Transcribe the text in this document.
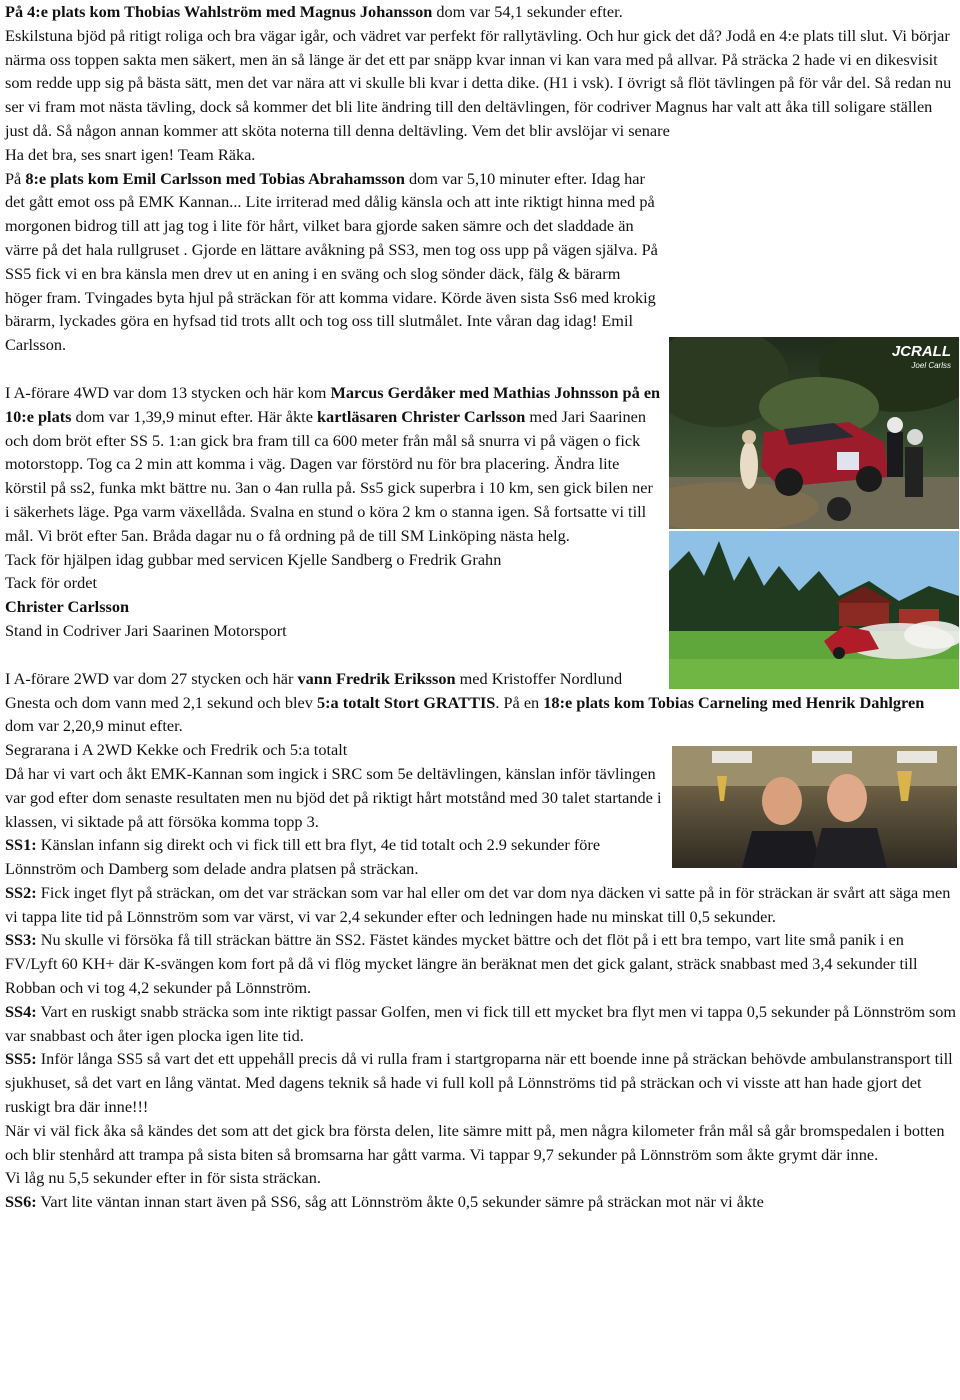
På 4:e plats kom Thobias Wahlström med Magnus Johansson dom var 54,1 sekunder efter.

Eskilstuna bjöd på ritigt roliga och bra vägar igår, och vädret var perfekt för rallytävling. Och hur gick det då? Jodå en 4:e plats till slut. Vi börjar närma oss toppen sakta men säkert, men än så länge är det ett par snäpp kvar innan vi kan vara med på allvar. På sträcka 2 hade vi en dikesvisit som redde upp sig på bästa sätt, men det var nära att vi skulle bli kvar i detta dike. (H1 i vsk). I övrigt så flöt tävlingen på för vår del. Så redan nu ser vi fram mot nästa tävling, dock så kommer det bli lite ändring till den deltävlingen, för codriver Magnus har valt att åka till soligare ställen just då. Så någon annan kommer att sköta noterna till denna deltävling. Vem det blir avslöjar vi senare

Ha det bra, ses snart igen! Team Räka.

JCRALL
Joel Carlss

På 8:e plats kom Emil Carlsson med Tobias Abrahamsson dom var 5,10 minuter efter. Idag har det gått emot oss på EMK Kannan... Lite irriterad med dålig känsla och att inte riktigt hinna med på morgonen bidrog till att jag tog i lite för hårt, vilket bara gjorde saken sämre och det sladdade än värre på det hala rullgruset . Gjorde en lättare avåkning på SS3, men tog oss upp på vägen själva. På SS5 fick vi en bra känsla men drev ut en aning i en sväng och slog sönder däck, fälg & bärarm höger fram. Tvingades byta hjul på sträckan för att komma vidare. Körde även sista Ss6 med krokig bärarm, lyckades göra en hyfsad tid trots allt och tog oss till slutmålet. Inte våran dag idag! Emil Carlsson.

I A-förare 4WD var dom 13 stycken och här kom Marcus Gerdåker med Mathias Johnsson på en 10:e plats dom var 1,39,9 minut efter. Här åkte kartläsaren Christer Carlsson med Jari Saarinen och dom bröt efter SS 5. 1:an gick bra fram till ca 600 meter från mål så snurra vi på vägen o fick motorstopp. Tog ca 2 min att komma i väg. Dagen var förstörd nu för bra placering. Ändra lite körstil på ss2, funka mkt bättre nu. 3an o 4an rulla på. Ss5 gick superbra i 10 km, sen gick bilen ner i säkerhets läge. Pga varm växellåda. Svalna en stund o köra 2 km o stanna igen. Så fortsatte vi till mål. Vi bröt efter 5an. Bråda dagar nu o få ordning på de till SM Linköping nästa helg.

Tack för hjälpen idag gubbar med servicen Kjelle Sandberg o Fredrik Grahn

Tack för ordet

Christer Carlsson

Stand in Codriver Jari Saarinen Motorsport

I A-förare 2WD var dom 27 stycken och här vann Fredrik Eriksson med Kristoffer Nordlund Gnesta och dom vann med 2,1 sekund och blev 5:a totalt Stort GRATTIS. På en 18:e plats kom Tobias Carneling med Henrik Dahlgren dom var 2,20,9 minut efter.

Segrarana i A 2WD Kekke och Fredrik och 5:a totalt

Då har vi vart och åkt EMK-Kannan som ingick i SRC som 5e deltävlingen, känslan inför tävlingen var god efter dom senaste resultaten men nu bjöd det på riktigt hårt motstånd med 30 talet startande i klassen, vi siktade på att försöka komma topp 3.

SS1: Känslan infann sig direkt och vi fick till ett bra flyt, 4e tid totalt och 2.9 sekunder före Lönnström och Damberg som delade andra platsen på sträckan.

SS2: Fick inget flyt på sträckan, om det var sträckan som var hal eller om det var dom nya däcken vi satte på in för sträckan är svårt att säga men vi tappa lite tid på Lönnström som var värst, vi var 2,4 sekunder efter och ledningen hade nu minskat till 0,5 sekunder.

SS3: Nu skulle vi försöka få till sträckan bättre än SS2. Fästet kändes mycket bättre och det flöt på i ett bra tempo, vart lite små panik i en FV/Lyft 60 KH+ där K-svängen kom fort på då vi flög mycket längre än beräknat men det gick galant, sträck snabbast med 3,4 sekunder till Robban och vi tog 4,2 sekunder på Lönnström.

SS4: Vart en ruskigt snabb sträcka som inte riktigt passar Golfen, men vi fick till ett mycket bra flyt men vi tappa 0,5 sekunder på Lönnström som var snabbast och åter igen plocka igen lite tid.

SS5: Inför långa SS5 så vart det ett uppehåll precis då vi rulla fram i startgroparna när ett boende inne på sträckan behövde ambulanstransport till sjukhuset, så det vart en lång väntat. Med dagens teknik så hade vi full koll på Lönnströms tid på sträckan och vi visste att han hade gjort det ruskigt bra där inne!!!

När vi väl fick åka så kändes det som att det gick bra första delen, lite sämre mitt på, men några kilometer från mål så går bromspedalen i botten och blir stenhård att trampa på sista biten så bromsarna har gått varma. Vi tappar 9,7 sekunder på Lönnström som åkte grymt där inne.

Vi låg nu 5,5 sekunder efter in för sista sträckan.

SS6: Vart lite väntan innan start även på SS6, såg att Lönnström åkte 0,5 sekunder sämre på sträckan mot när vi åkte
